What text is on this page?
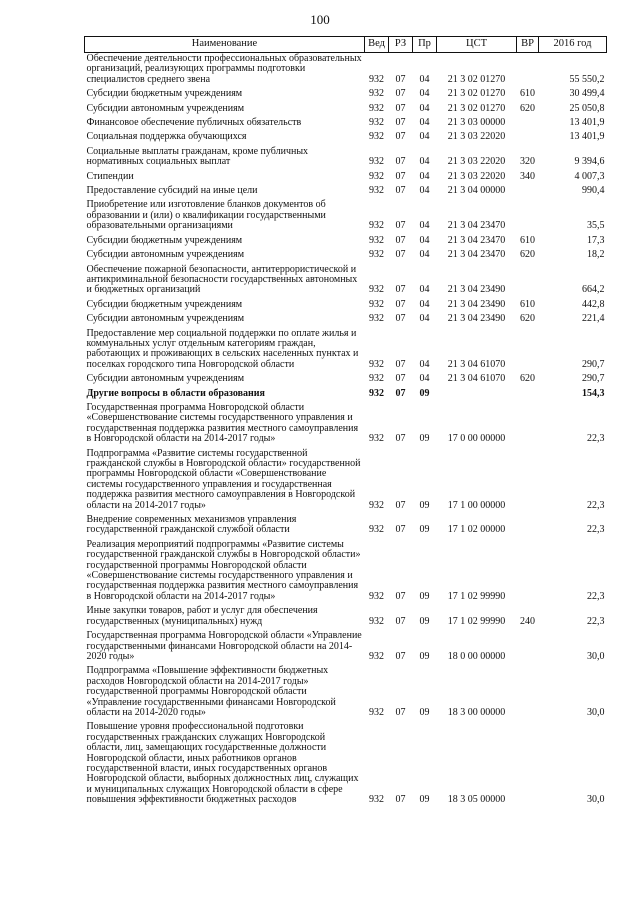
100
Наименование	Вед	РЗ	Пр	ЦСТ	ВР	2016 год
Обеспечение деятельности профессиональных образовательных организаций, реализующих программы подготовки специалистов среднего звена	932	07	04	21 3 02 01270		55 550,2
Субсидии бюджетным учреждениям	932	07	04	21 3 02 01270	610	30 499,4
Субсидии автономным учреждениям	932	07	04	21 3 02 01270	620	25 050,8
Финансовое обеспечение публичных обязательств	932	07	04	21 3 03 00000		13 401,9
Социальная поддержка обучающихся	932	07	04	21 3 03 22020		13 401,9
Социальные выплаты гражданам, кроме публичных нормативных социальных выплат	932	07	04	21 3 03 22020	320	9 394,6
Стипендии	932	07	04	21 3 03 22020	340	4 007,3
Предоставление субсидий на иные цели	932	07	04	21 3 04 00000		990,4
Приобретение или изготовление бланков документов об образовании и (или) о квалификации государственными образовательными организациями	932	07	04	21 3 04 23470		35,5
Субсидии бюджетным учреждениям	932	07	04	21 3 04 23470	610	17,3
Субсидии автономным учреждениям	932	07	04	21 3 04 23470	620	18,2
Обеспечение пожарной безопасности, антитеррористической и антикриминальной безопасности государственных автономных и бюджетных организаций	932	07	04	21 3 04 23490		664,2
Субсидии бюджетным учреждениям	932	07	04	21 3 04 23490	610	442,8
Субсидии автономным учреждениям	932	07	04	21 3 04 23490	620	221,4
Предоставление мер социальной поддержки по оплате жилья и коммунальных услуг отдельным категориям граждан, работающих и проживающих в сельских населенных пунктах и поселках городского типа Новгородской области	932	07	04	21 3 04 61070		290,7
Субсидии автономным учреждениям	932	07	04	21 3 04 61070	620	290,7
Другие вопросы в области образования	932	07	09			154,3
Государственная программа Новгородской области «Совершенствование системы государственного управления и государственная поддержка развития местного самоуправления в Новгородской области на 2014-2017 годы»	932	07	09	17 0 00 00000		22,3
Подпрограмма «Развитие системы государственной гражданской службы в Новгородской области» государственной программы Новгородской области «Совершенствование системы государственного управления и государственная поддержка развития местного самоуправления в Новгородской области на 2014-2017 годы»	932	07	09	17 1 00 00000		22,3
Внедрение современных механизмов управления государственной гражданской службой области	932	07	09	17 1 02 00000		22,3
Реализация мероприятий подпрограммы «Развитие системы государственной гражданской службы в Новгородской области» государственной программы Новгородской области «Совершенствование системы государственного управления и государственная поддержка развития местного самоуправления в Новгородской области на 2014-2017 годы»	932	07	09	17 1 02 99990		22,3
Иные закупки товаров, работ и услуг для обеспечения государственных (муниципальных) нужд	932	07	09	17 1 02 99990	240	22,3
Государственная программа Новгородской области «Управление государственными финансами Новгородской области на 2014-2020 годы»	932	07	09	18 0 00 00000		30,0
Подпрограмма «Повышение эффективности бюджетных расходов Новгородской области на 2014-2017 годы» государственной программы Новгородской области «Управление государственными финансами Новгородской области на 2014-2020 годы»	932	07	09	18 3 00 00000		30,0
Повышение уровня профессиональной подготовки государственных гражданских служащих Новгородской области, лиц, замещающих государственные должности Новгородской области, иных работников органов государственной власти, иных государственных органов Новгородской области, выборных должностных лиц, служащих и муниципальных служащих Новгородской области в сфере повышения эффективности бюджетных расходов	932	07	09	18 3 05 00000		30,0
